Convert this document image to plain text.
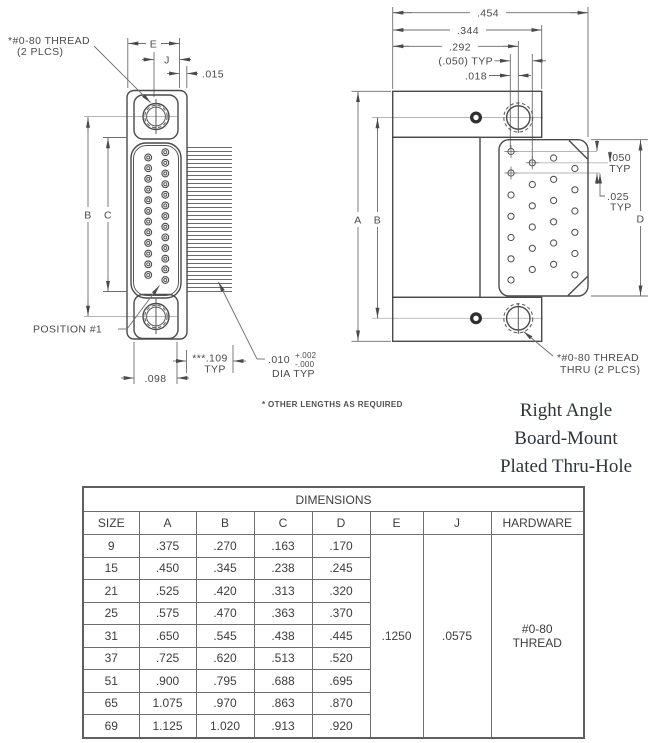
E
J
.015
B C
*#0-80 THREAD
(2 PLCS)
POSITION #1
.098
***.109
TYP
.010 +.002
-.000
DIA TYP
.454
.344
.292
(.050) TYP
.018
A B	D
.050
TYP
.025
TYP
*#0-80 THREAD
THRU (2 PLCS)
* OTHER LENGTHS AS REQUIRED	Right Angle
Board-Mount
Plated Thru-Hole
DIMENSIONS							
SIZE	A	B	C	D	E	J	HARDWARE
9	.375	.270	.163	.170	.1250	.0575	#0-80
THREAD

15	.450	.345	.238	.245			
21	.525	.420	.313	.320			
25	.575	.470	.363	.370			
31	.650	.545	.438	.445			
37	.725	.620	.513	.520			
51	.900	.795	.688	.695			
65	1.075	.970	.863	.870			
69	1.125	1.020	.913	.920			
